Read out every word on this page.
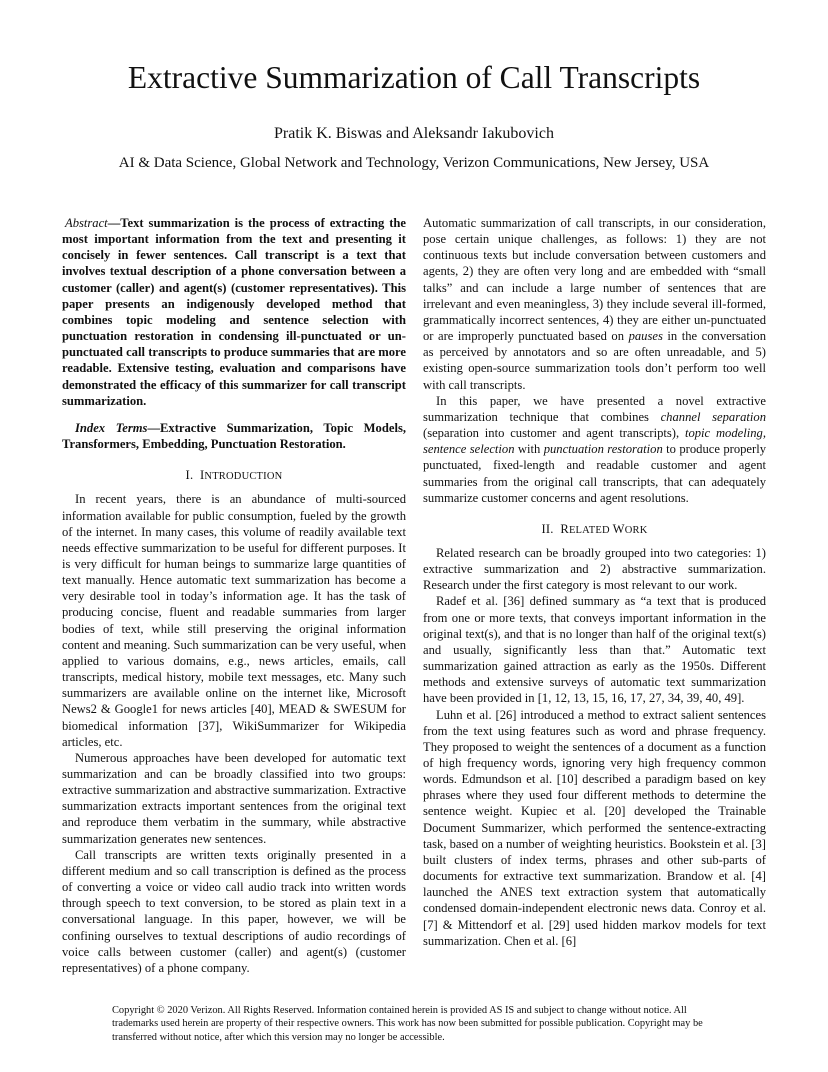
Extractive Summarization of Call Transcripts
Pratik K. Biswas and Aleksandr Iakubovich
AI & Data Science, Global Network and Technology, Verizon Communications, New Jersey, USA

Abstract—Text summarization is the process of extracting the most important information from the text and presenting it concisely in fewer sentences. Call transcript is a text that involves textual description of a phone conversation between a customer (caller) and agent(s) (customer representatives). This paper presents an indigenously developed method that combines topic modeling and sentence selection with punctuation restoration in condensing ill-punctuated or un-punctuated call transcripts to produce summaries that are more readable. Extensive testing, evaluation and comparisons have demonstrated the efficacy of this summarizer for call transcript summarization.

Index Terms—Extractive Summarization, Topic Models, Transformers, Embedding, Punctuation Restoration.

I. INTRODUCTION

In recent years, there is an abundance of multi-sourced information available for public consumption, fueled by the growth of the internet. In many cases, this volume of readily available text needs effective summarization to be useful for different purposes. It is very difficult for human beings to summarize large quantities of text manually. Hence automatic text summarization has become a very desirable tool in today’s information age. It has the task of producing concise, fluent and readable summaries from larger bodies of text, while still preserving the original information content and meaning. Such summarization can be very useful, when applied to various domains, e.g., news articles, emails, call transcripts, medical history, mobile text messages, etc. Many such summarizers are available online on the internet like, Microsoft News2 & Google1 for news articles [40], MEAD & SWESUM for biomedical information [37], WikiSummarizer for Wikipedia articles, etc.

Numerous approaches have been developed for automatic text summarization and can be broadly classified into two groups: extractive summarization and abstractive summarization. Extractive summarization extracts important sentences from the original text and reproduce them verbatim in the summary, while abstractive summarization generates new sentences.

Call transcripts are written texts originally presented in a different medium and so call transcription is defined as the process of converting a voice or video call audio track into written words through speech to text conversion, to be stored as plain text in a conversational language. In this paper, however, we will be confining ourselves to textual descriptions of audio recordings of voice calls between customer (caller) and agent(s) (customer representatives) of a phone company.

Automatic summarization of call transcripts, in our consideration, pose certain unique challenges, as follows: 1) they are not continuous texts but include conversation between customers and agents, 2) they are often very long and are embedded with “small talks” and can include a large number of sentences that are irrelevant and even meaningless, 3) they include several ill-formed, grammatically incorrect sentences, 4) they are either un-punctuated or are improperly punctuated based on pauses in the conversation as perceived by annotators and so are often unreadable, and 5) existing open-source summarization tools don’t perform too well with call transcripts.

In this paper, we have presented a novel extractive summarization technique that combines channel separation (separation into customer and agent transcripts), topic modeling, sentence selection with punctuation restoration to produce properly punctuated, fixed-length and readable customer and agent summaries from the original call transcripts, that can adequately summarize customer concerns and agent resolutions.

II. RELATED WORK

Related research can be broadly grouped into two categories: 1) extractive summarization and 2) abstractive summarization. Research under the first category is most relevant to our work.

Radef et al. [36] defined summary as “a text that is produced from one or more texts, that conveys important information in the original text(s), and that is no longer than half of the original text(s) and usually, significantly less than that.” Automatic text summarization gained attraction as early as the 1950s. Different methods and extensive surveys of automatic text summarization have been provided in [1, 12, 13, 15, 16, 17, 27, 34, 39, 40, 49].

Luhn et al. [26] introduced a method to extract salient sentences from the text using features such as word and phrase frequency. They proposed to weight the sentences of a document as a function of high frequency words, ignoring very high frequency common words. Edmundson et al. [10] described a paradigm based on key phrases where they used four different methods to determine the sentence weight. Kupiec et al. [20] developed the Trainable Document Summarizer, which performed the sentence-extracting task, based on a number of weighting heuristics. Bookstein et al. [3] built clusters of index terms, phrases and other sub-parts of documents for extractive text summarization. Brandow et al. [4] launched the ANES text extraction system that automatically condensed domain-independent electronic news data. Conroy et al. [7] & Mittendorf et al. [29] used hidden markov models for text summarization. Chen et al. [6]

Copyright © 2020 Verizon. All Rights Reserved. Information contained herein is provided AS IS and subject to change without notice. All trademarks used herein are property of their respective owners. This work has now been submitted for possible publication. Copyright may be transferred without notice, after which this version may no longer be accessible.
